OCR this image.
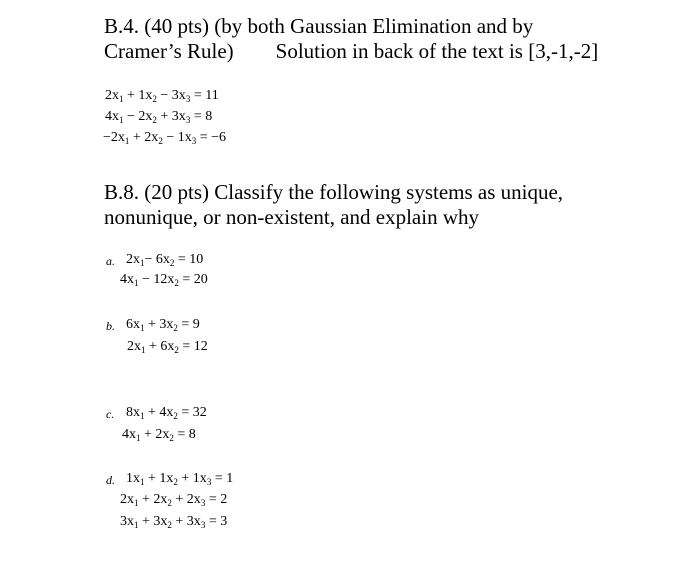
B.4. (40 pts) (by both Gaussian Elimination and by
Cramer’s Rule) Solution in back of the text is [3,-1,-2]
$2x_1 + 1x_2 - 3x_3 = 11$
$4x_1 - 2x_2 + 3x_3 = 8$
$-2x_1 + 2x_2 - 1x_3 = -6$
B.8. (20 pts) Classify the following systems as unique,
nonunique, or non-existent, and explain why
a. $2x_1- 6x_2 = 10$
$4x_1 - 12x_2 = 20$
b. $6x_1 + 3x_2 = 9$
$2x_1 + 6x_2 = 12$
c. $8x_1 + 4x_2 = 32$
$4x_1 + 2x_2 = 8$
d. $1x_1 + 1x_2 + 1x_3 = 1$
$2x_1 + 2x_2 + 2x_3 = 2$
$3x_1 + 3x_2 + 3x_3 = 3$
